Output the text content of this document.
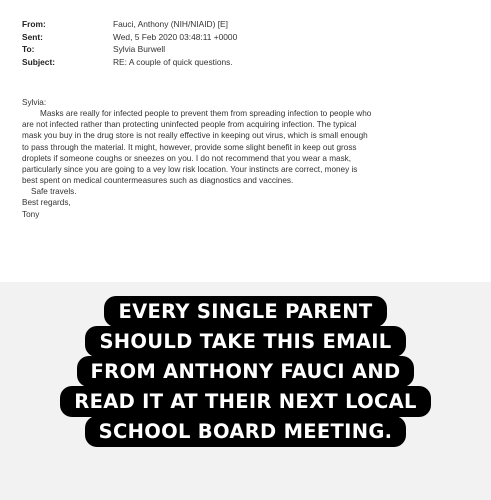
From:	Fauci, Anthony (NIH/NIAID) [E]
Sent:	Wed, 5 Feb 2020 03:48:11 +0000
To:	Sylvia Burwell
Subject:	RE: A couple of quick questions.
Sylvia:
Masks are really for infected people to prevent them from spreading infection to people who
are not infected rather than protecting uninfected people from acquiring infection. The typical
mask you buy in the drug store is not really effective in keeping out virus, which is small enough
to pass through the material. It might, however, provide some slight benefit in keep out gross
droplets if someone coughs or sneezes on you. I do not recommend that you wear a mask,
particularly since you are going to a vey low risk location. Your instincts are correct, money is
best spent on medical countermeasures such as diagnostics and vaccines.
Safe travels.
Best regards,
Tony
EVERY SINGLE PARENT
SHOULD TAKE THIS EMAIL
FROM ANTHONY FAUCI AND
READ IT AT THEIR NEXT LOCAL
SCHOOL BOARD MEETING.
